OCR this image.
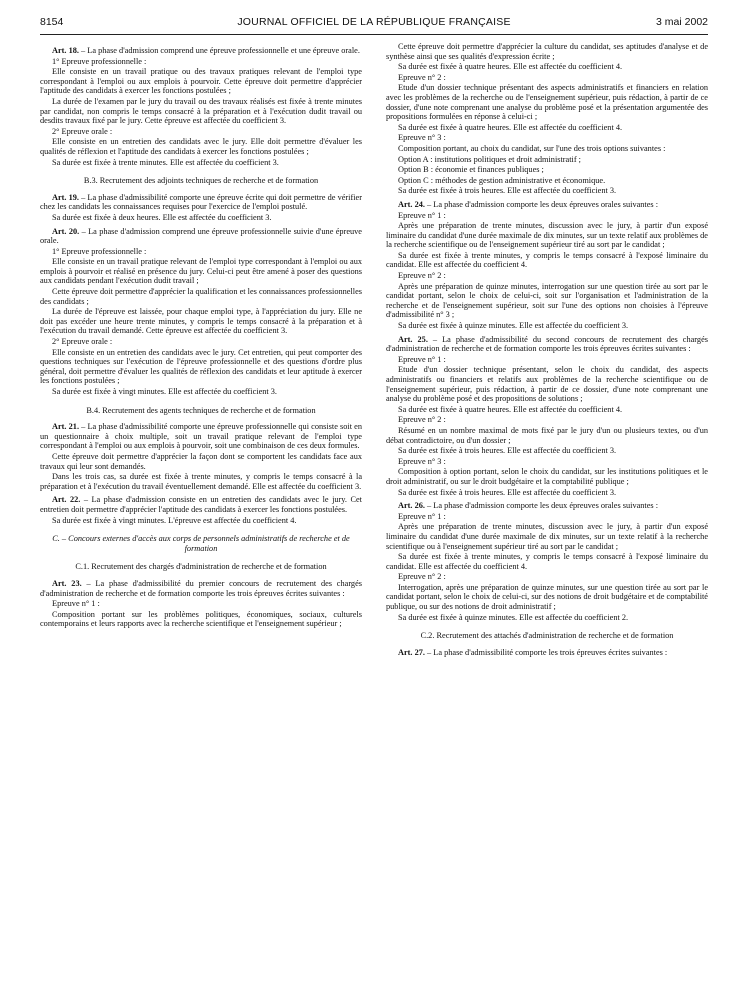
8154	JOURNAL OFFICIEL DE LA RÉPUBLIQUE FRANÇAISE	3 mai 2002

Art. 18. – La phase d'admission comprend une épreuve professionnelle et une épreuve orale.

1° Epreuve professionnelle :

Elle consiste en un travail pratique ou des travaux pratiques relevant de l'emploi type correspondant à l'emploi ou aux emplois à pourvoir. Cette épreuve doit permettre d'apprécier l'aptitude des candidats à exercer les fonctions postulées ;

La durée de l'examen par le jury du travail ou des travaux réalisés est fixée à trente minutes par candidat, non compris le temps consacré à la préparation et à l'exécution dudit travail ou desdits travaux fixé par le jury. Cette épreuve est affectée du coefficient 3.

2° Epreuve orale :

Elle consiste en un entretien des candidats avec le jury. Elle doit permettre d'évaluer les qualités de réflexion et l'aptitude des candidats à exercer les fonctions postulées ;

Sa durée est fixée à trente minutes. Elle est affectée du coefficient 3.

B.3. Recrutement des adjoints techniques de recherche et de formation

Art. 19. – La phase d'admissibilité comporte une épreuve écrite qui doit permettre de vérifier chez les candidats les connaissances requises pour l'exercice de l'emploi postulé.

Sa durée est fixée à deux heures. Elle est affectée du coefficient 3.

Art. 20. – La phase d'admission comprend une épreuve professionnelle suivie d'une épreuve orale.

1° Epreuve professionnelle :

Elle consiste en un travail pratique relevant de l'emploi type correspondant à l'emploi ou aux emplois à pourvoir et réalisé en présence du jury. Celui-ci peut être amené à poser des questions aux candidats pendant l'exécution dudit travail ;

Cette épreuve doit permettre d'apprécier la qualification et les connaissances professionnelles des candidats ;

La durée de l'épreuve est laissée, pour chaque emploi type, à l'appréciation du jury. Elle ne doit pas excéder une heure trente minutes, y compris le temps consacré à la préparation et à l'exécution du travail demandé. Cette épreuve est affectée du coefficient 3.

2° Epreuve orale :

Elle consiste en un entretien des candidats avec le jury. Cet entretien, qui peut comporter des questions techniques sur l'exécution de l'épreuve professionnelle et des questions d'ordre plus général, doit permettre d'évaluer les qualités de réflexion des candidats et leur aptitude à exercer les fonctions postulées ;

Sa durée est fixée à vingt minutes. Elle est affectée du coefficient 3.

B.4. Recrutement des agents techniques de recherche et de formation

Art. 21. – La phase d'admissibilité comporte une épreuve professionnelle qui consiste soit en un questionnaire à choix multiple, soit un travail pratique relevant de l'emploi type correspondant à l'emploi ou aux emplois à pourvoir, soit une combinaison de ces deux formules.

Cette épreuve doit permettre d'apprécier la façon dont se comportent les candidats face aux travaux qui leur sont demandés.

Dans les trois cas, sa durée est fixée à trente minutes, y compris le temps consacré à la préparation et à l'exécution du travail éventuellement demandé. Elle est affectée du coefficient 3.

Art. 22. – La phase d'admission consiste en un entretien des candidats avec le jury. Cet entretien doit permettre d'apprécier l'aptitude des candidats à exercer les fonctions postulées.

Sa durée est fixée à vingt minutes. L'épreuve est affectée du coefficient 4.

C. – Concours externes d'accès aux corps de personnels administratifs de recherche et de formation

C.1. Recrutement des chargés d'administration de recherche et de formation

Art. 23. – La phase d'admissibilité du premier concours de recrutement des chargés d'administration de recherche et de formation comporte les trois épreuves écrites suivantes :

Epreuve n° 1 :

Composition portant sur les problèmes politiques, économiques, sociaux, culturels contemporains et leurs rapports avec la recherche scientifique et l'enseignement supérieur ;

Cette épreuve doit permettre d'apprécier la culture du candidat, ses aptitudes d'analyse et de synthèse ainsi que ses qualités d'expression écrite ;

Sa durée est fixée à quatre heures. Elle est affectée du coefficient 4.

Epreuve n° 2 :

Etude d'un dossier technique présentant des aspects administratifs et financiers en relation avec les problèmes de la recherche ou de l'enseignement supérieur, puis rédaction, à partir de ce dossier, d'une note comprenant une analyse du problème posé et la présentation argumentée des propositions formulées en réponse à celui-ci ;

Sa durée est fixée à quatre heures. Elle est affectée du coefficient 4.

Epreuve n° 3 :

Composition portant, au choix du candidat, sur l'une des trois options suivantes :

Option A : institutions politiques et droit administratif ;

Option B : économie et finances publiques ;

Option C : méthodes de gestion administrative et économique.

Sa durée est fixée à trois heures. Elle est affectée du coefficient 3.

Art. 24. – La phase d'admission comporte les deux épreuves orales suivantes :

Epreuve n° 1 :

Après une préparation de trente minutes, discussion avec le jury, à partir d'un exposé liminaire du candidat d'une durée maximale de dix minutes, sur un texte relatif aux problèmes de la recherche scientifique ou de l'enseignement supérieur tiré au sort par le candidat ;

Sa durée est fixée à trente minutes, y compris le temps consacré à l'exposé liminaire du candidat. Elle est affectée du coefficient 4.

Epreuve n° 2 :

Après une préparation de quinze minutes, interrogation sur une question tirée au sort par le candidat portant, selon le choix de celui-ci, soit sur l'organisation et l'administration de la recherche et de l'enseignement supérieur, soit sur l'une des options non choisies à l'épreuve d'admissibilité n° 3 ;

Sa durée est fixée à quinze minutes. Elle est affectée du coefficient 3.

Art. 25. – La phase d'admissibilité du second concours de recrutement des chargés d'administration de recherche et de formation comporte les trois épreuves écrites suivantes :

Epreuve n° 1 :

Etude d'un dossier technique présentant, selon le choix du candidat, des aspects administratifs ou financiers et relatifs aux problèmes de la recherche scientifique ou de l'enseignement supérieur, puis rédaction, à partir de ce dossier, d'une note comprenant une analyse du problème posé et des propositions de solutions ;

Sa durée est fixée à quatre heures. Elle est affectée du coefficient 4.

Epreuve n° 2 :

Résumé en un nombre maximal de mots fixé par le jury d'un ou plusieurs textes, ou d'un débat contradictoire, ou d'un dossier ;

Sa durée est fixée à trois heures. Elle est affectée du coefficient 3.

Epreuve n° 3 :

Composition à option portant, selon le choix du candidat, sur les institutions politiques et le droit administratif, ou sur le droit budgétaire et la comptabilité publique ;

Sa durée est fixée à trois heures. Elle est affectée du coefficient 3.

Art. 26. – La phase d'admission comporte les deux épreuves orales suivantes :

Epreuve n° 1 :

Après une préparation de trente minutes, discussion avec le jury, à partir d'un exposé liminaire du candidat d'une durée maximale de dix minutes, sur un texte relatif à la recherche scientifique ou à l'enseignement supérieur tiré au sort par le candidat ;

Sa durée est fixée à trente minutes, y compris le temps consacré à l'exposé liminaire du candidat. Elle est affectée du coefficient 4.

Epreuve n° 2 :

Interrogation, après une préparation de quinze minutes, sur une question tirée au sort par le candidat portant, selon le choix de celui-ci, sur des notions de droit budgétaire et de comptabilité publique, ou sur des notions de droit administratif ;

Sa durée est fixée à quinze minutes. Elle est affectée du coefficient 2.

C.2. Recrutement des attachés d'administration de recherche et de formation

Art. 27. – La phase d'admissibilité comporte les trois épreuves écrites suivantes :
